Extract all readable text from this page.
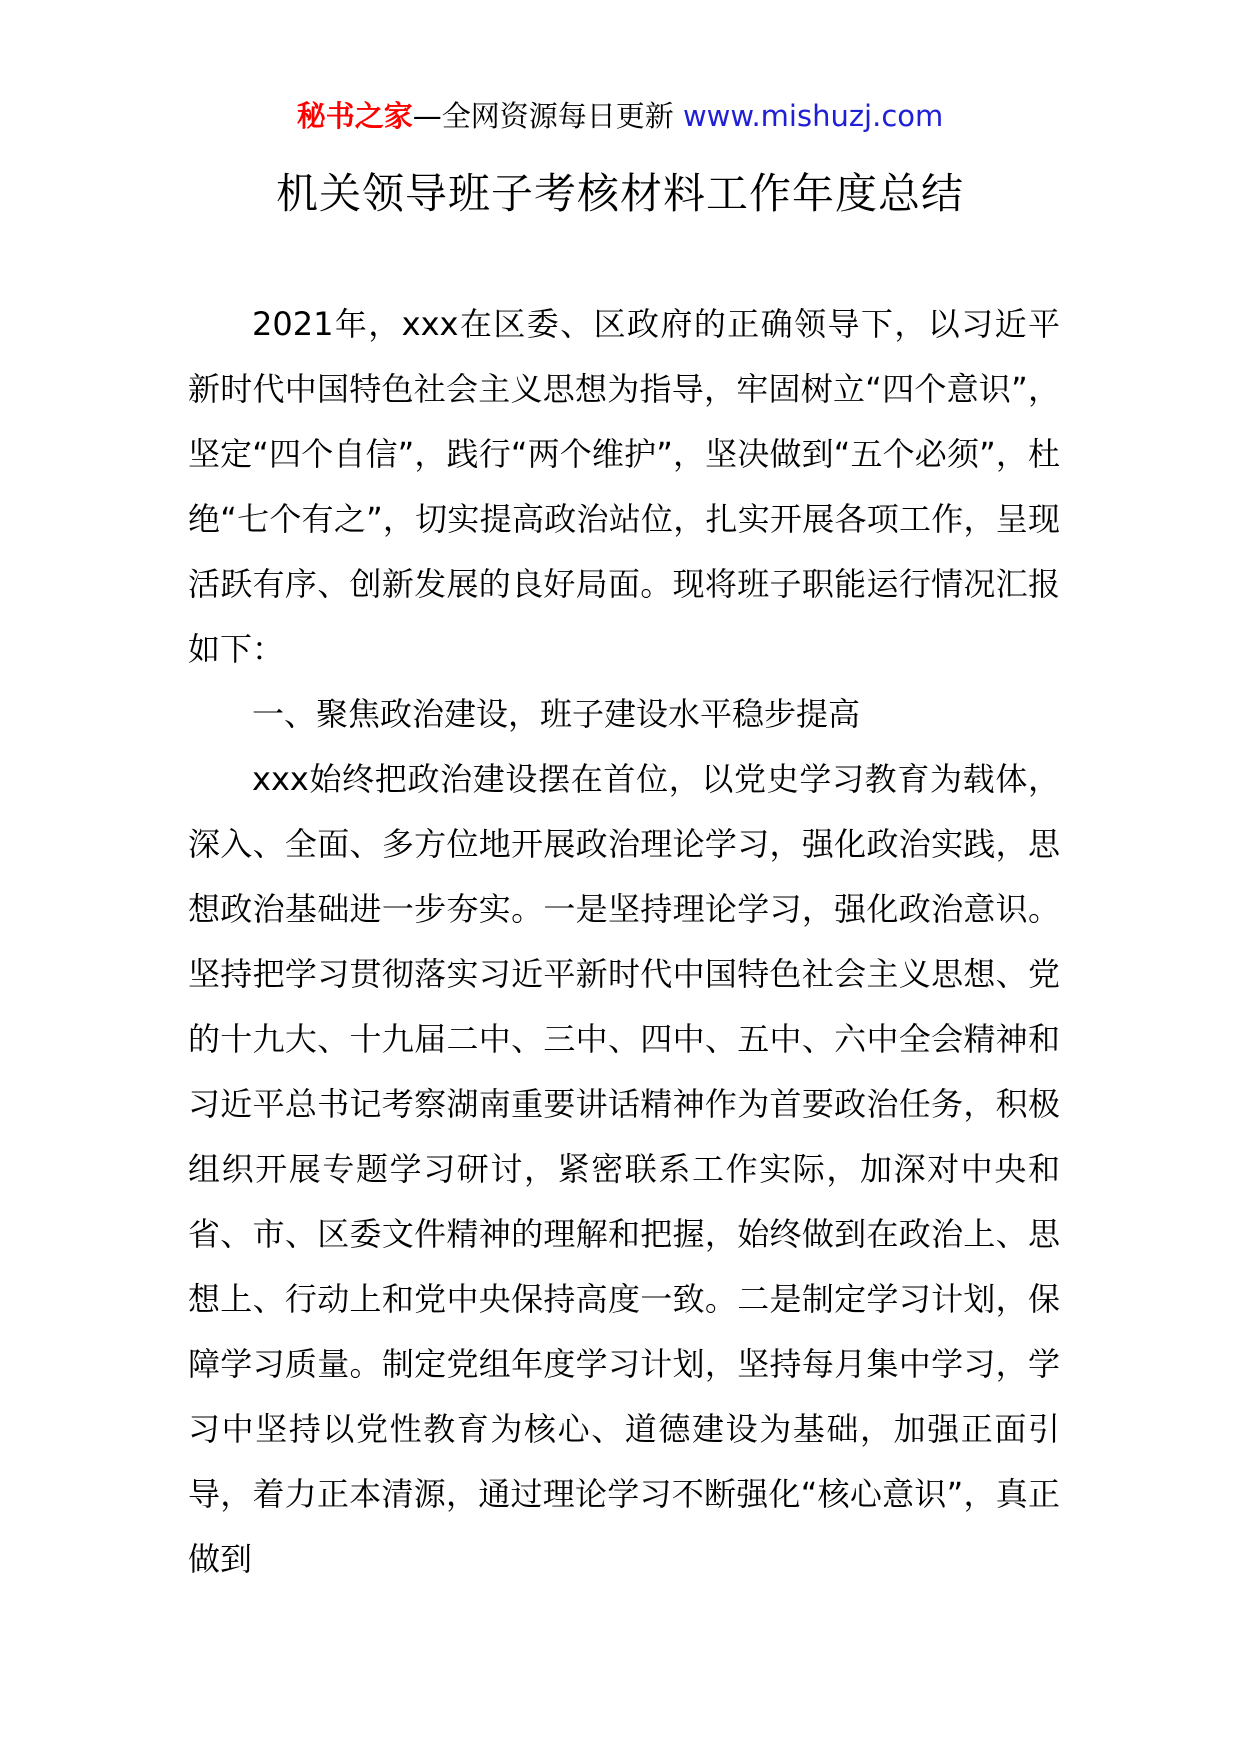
秘书之家—全网资源每日更新 www.mishuzj.com
机关领导班子考核材料工作年度总结

2021年，xxx在区委、区政府的正确领导下，以习近平新时代中国特色社会主义思想为指导，牢固树立“四个意识”，坚定“四个自信”，践行“两个维护”，坚决做到“五个必须”，杜绝“七个有之”，切实提高政治站位，扎实开展各项工作，呈现活跃有序、创新发展的良好局面。现将班子职能运行情况汇报如下：

一、聚焦政治建设，班子建设水平稳步提高

xxx始终把政治建设摆在首位，以党史学习教育为载体，深入、全面、多方位地开展政治理论学习，强化政治实践，思想政治基础进一步夯实。一是坚持理论学习，强化政治意识。坚持把学习贯彻落实习近平新时代中国特色社会主义思想、党的十九大、十九届二中、三中、四中、五中、六中全会精神和习近平总书记考察湖南重要讲话精神作为首要政治任务，积极组织开展专题学习研讨，紧密联系工作实际，加深对中央和省、市、区委文件精神的理解和把握，始终做到在政治上、思想上、行动上和党中央保持高度一致。二是制定学习计划，保障学习质量。制定党组年度学习计划，坚持每月集中学习，学习中坚持以党性教育为核心、道德建设为基础，加强正面引导，着力正本清源，通过理论学习不断强化“核心意识”，真正做到
